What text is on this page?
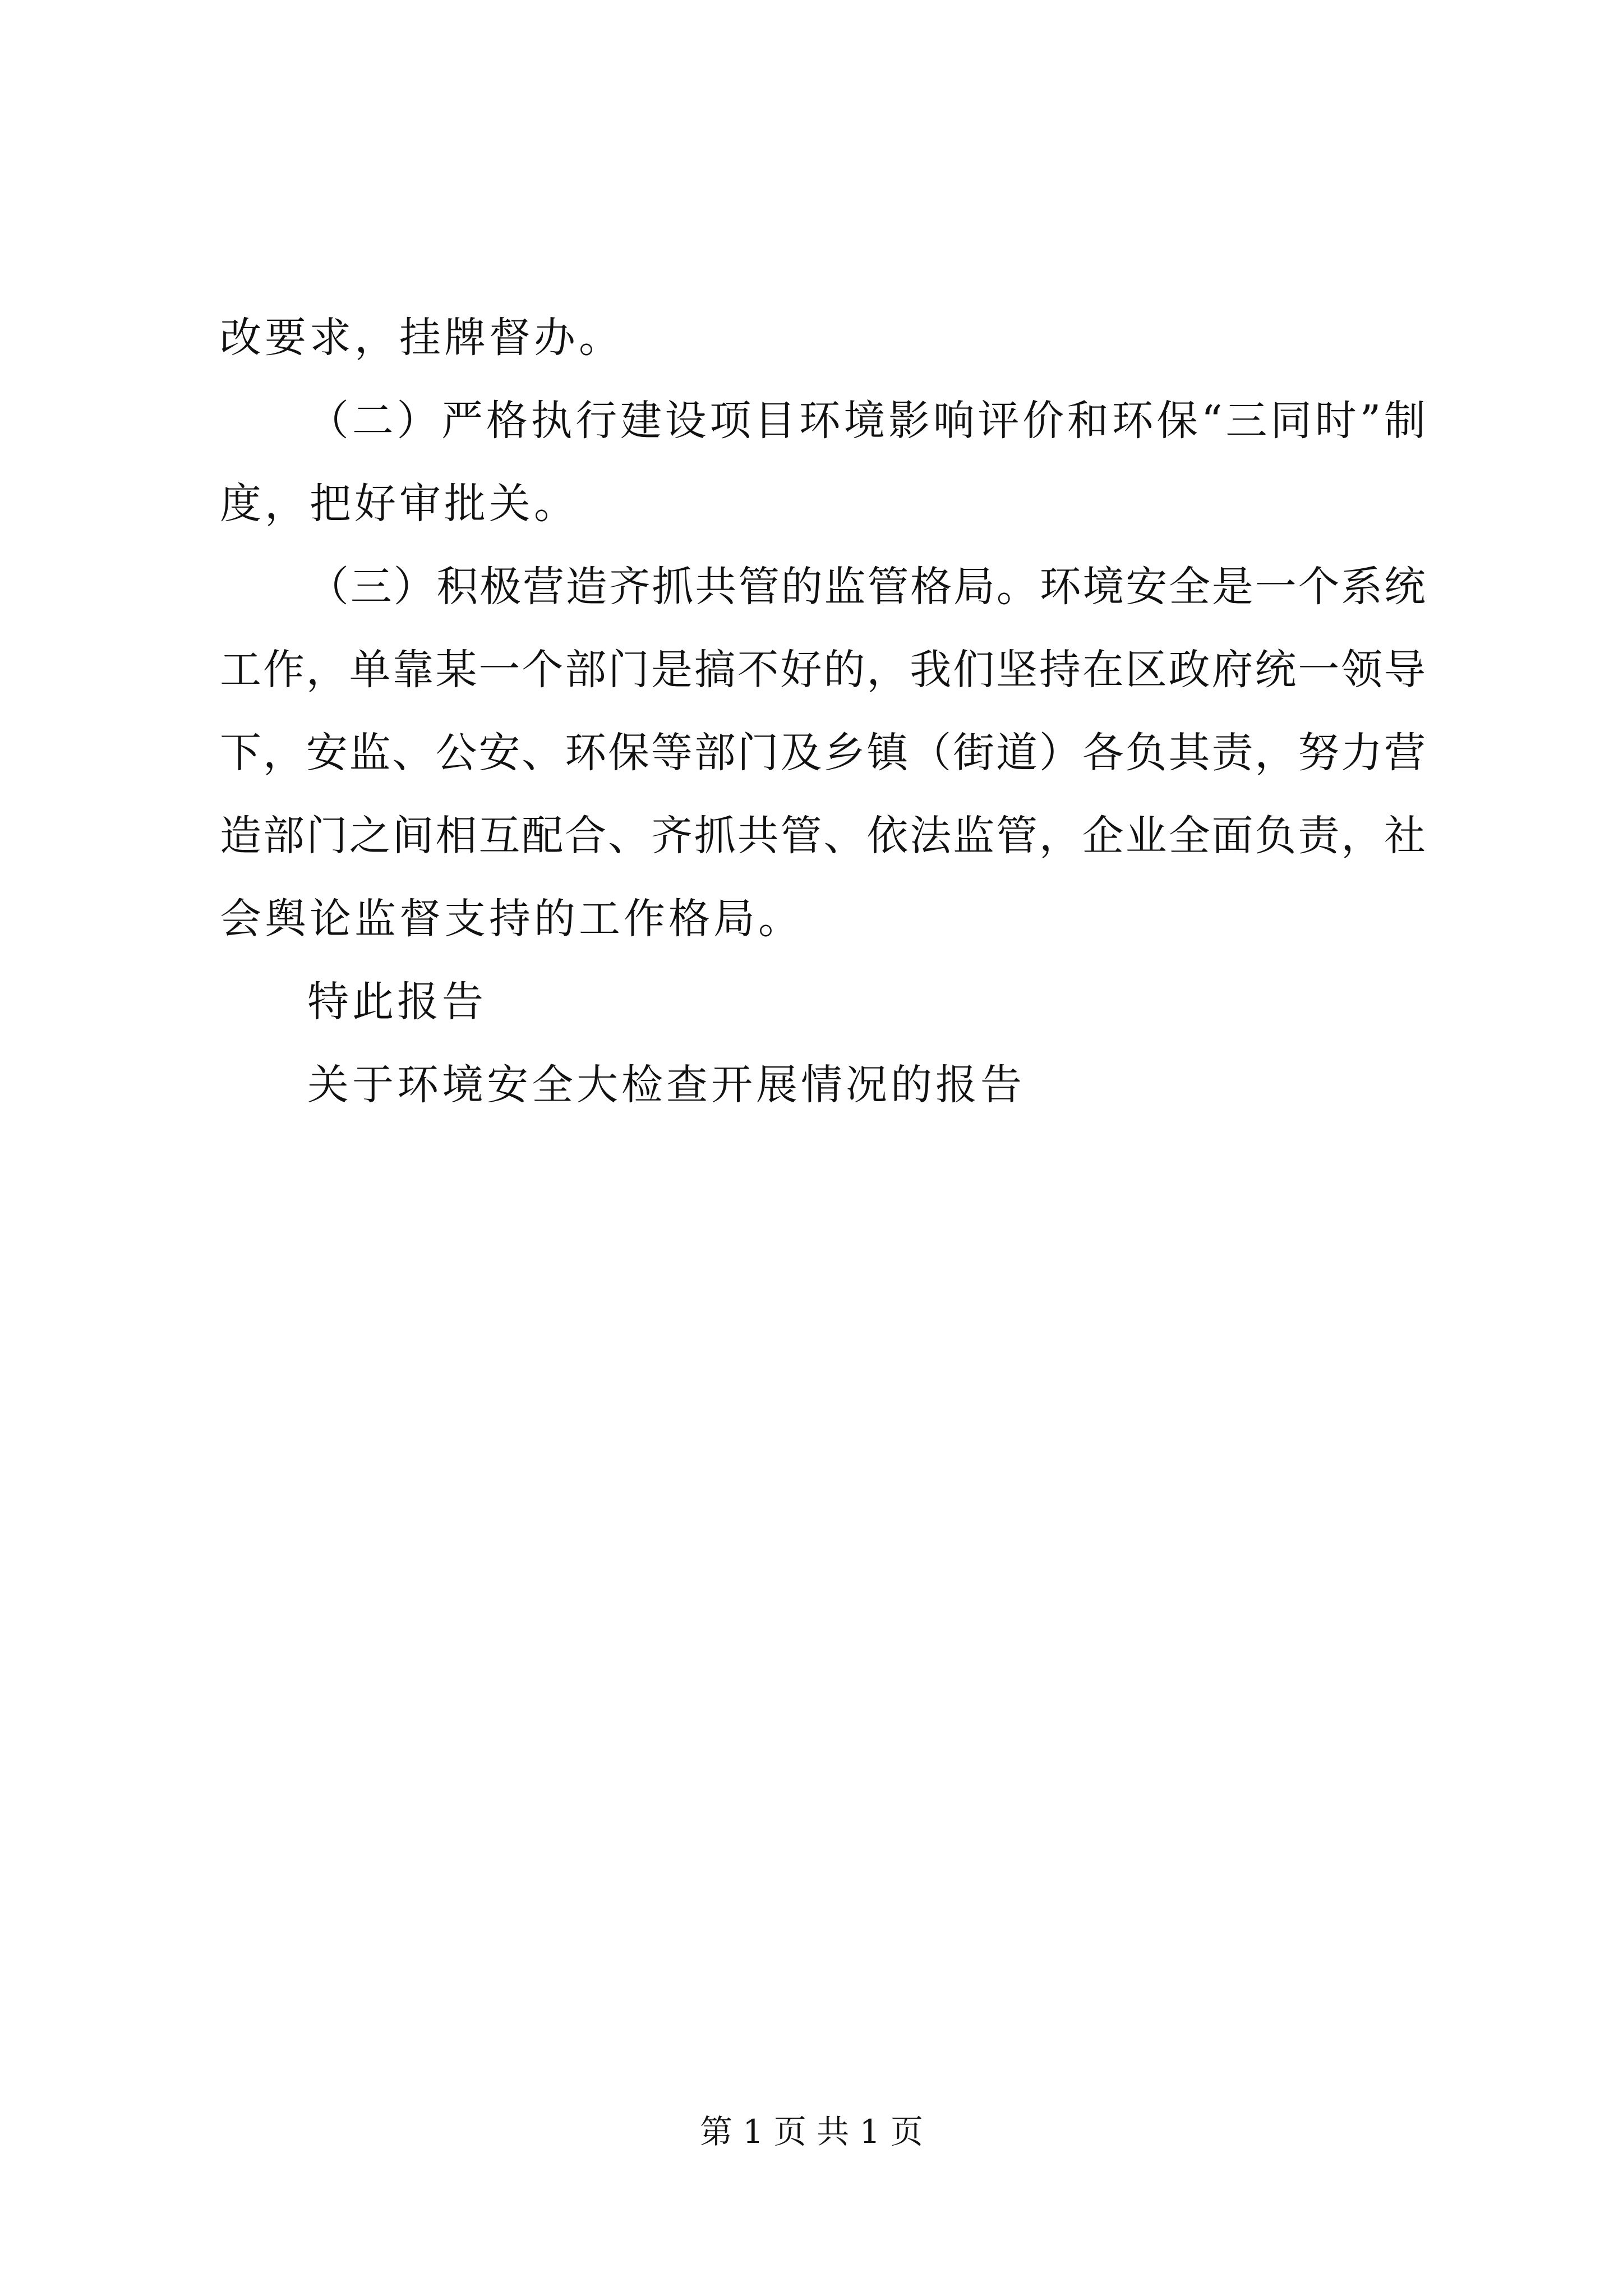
改要求，挂牌督办。
（二）严格执行建设项目环境影响评价和环保“三同时”制
度，把好审批关。
（三）积极营造齐抓共管的监管格局。环境安全是一个系统
工作，单靠某一个部门是搞不好的，我们坚持在区政府统一领导
下，安监、公安、环保等部门及乡镇（街道）各负其责，努力营
造部门之间相互配合、齐抓共管、依法监管，企业全面负责，社
会舆论监督支持的工作格局。
特此报告
关于环境安全大检查开展情况的报告
第 1 页 共 1 页
